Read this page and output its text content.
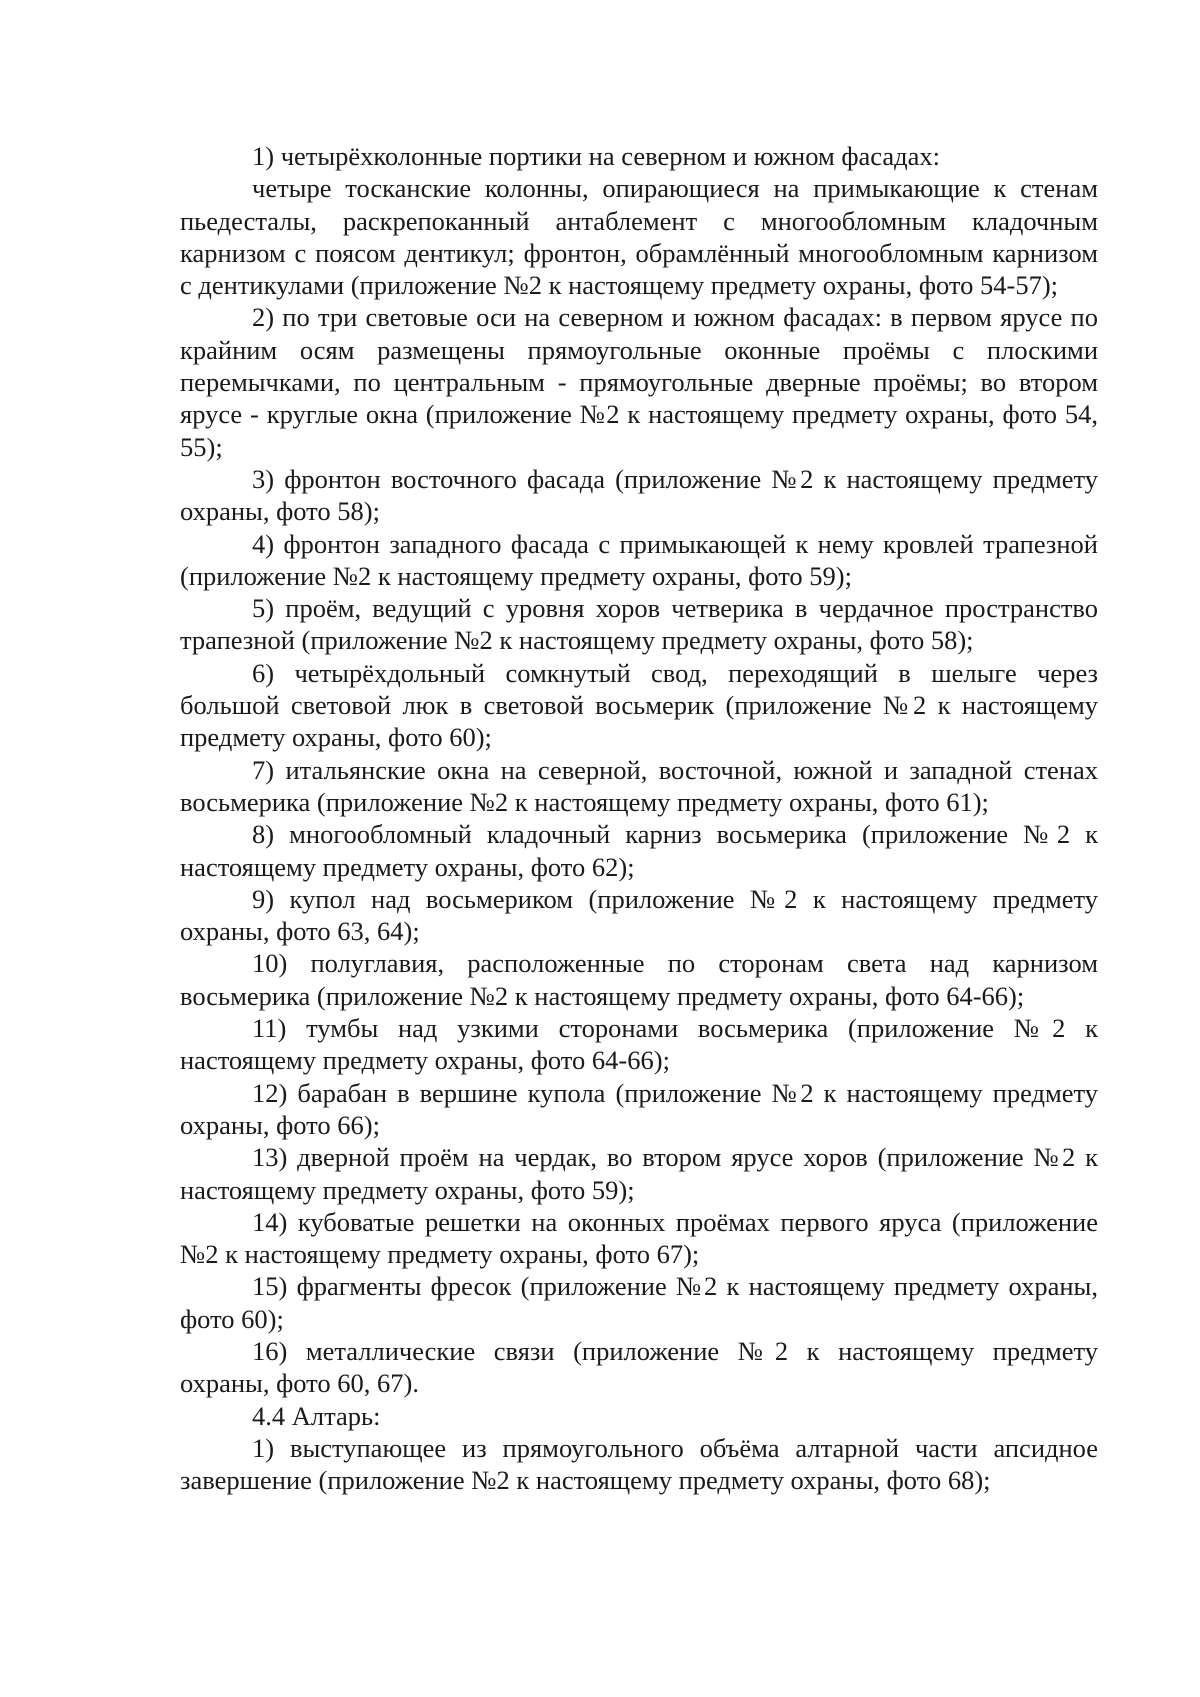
1) четырёхколонные портики на северном и южном фасадах:

четыре тосканские колонны, опирающиеся на примыкающие к стенам пьедесталы, раскрепоканный антаблемент с многообломным кладочным карнизом с поясом дентикул; фронтон, обрамлённый многообломным карнизом с дентикулами (приложение №2 к настоящему предмету охраны, фото 54-57);

2) по три световые оси на северном и южном фасадах: в первом ярусе по крайним осям размещены прямоугольные оконные проёмы с плоскими перемычками, по центральным - прямоугольные дверные проёмы; во втором ярусе - круглые окна (приложение №2 к настоящему предмету охраны, фото 54, 55);

3) фронтон восточного фасада (приложение №2 к настоящему предмету охраны, фото 58);

4) фронтон западного фасада с примыкающей к нему кровлей трапезной (приложение №2 к настоящему предмету охраны, фото 59);

5) проём, ведущий с уровня хоров четверика в чердачное пространство трапезной (приложение №2 к настоящему предмету охраны, фото 58);

6) четырёхдольный сомкнутый свод, переходящий в шелыге через большой световой люк в световой восьмерик (приложение №2 к настоящему предмету охраны, фото 60);

7) итальянские окна на северной, восточной, южной и западной стенах восьмерика (приложение №2 к настоящему предмету охраны, фото 61);

8) многообломный кладочный карниз восьмерика (приложение №2 к настоящему предмету охраны, фото 62);

9) купол над восьмериком (приложение №2 к настоящему предмету охраны, фото 63, 64);

10) полуглавия, расположенные по сторонам света над карнизом восьмерика (приложение №2 к настоящему предмету охраны, фото 64-66);

11) тумбы над узкими сторонами восьмерика (приложение №2 к настоящему предмету охраны, фото 64-66);

12) барабан в вершине купола (приложение №2 к настоящему предмету охраны, фото 66);

13) дверной проём на чердак, во втором ярусе хоров (приложение №2 к настоящему предмету охраны, фото 59);

14) кубоватые решетки на оконных проёмах первого яруса (приложение №2 к настоящему предмету охраны, фото 67);

15) фрагменты фресок (приложение №2 к настоящему предмету охраны, фото 60);

16) металлические связи (приложение №2 к настоящему предмету охраны, фото 60, 67).

4.4 Алтарь:

1) выступающее из прямоугольного объёма алтарной части апсидное завершение (приложение №2 к настоящему предмету охраны, фото 68);
